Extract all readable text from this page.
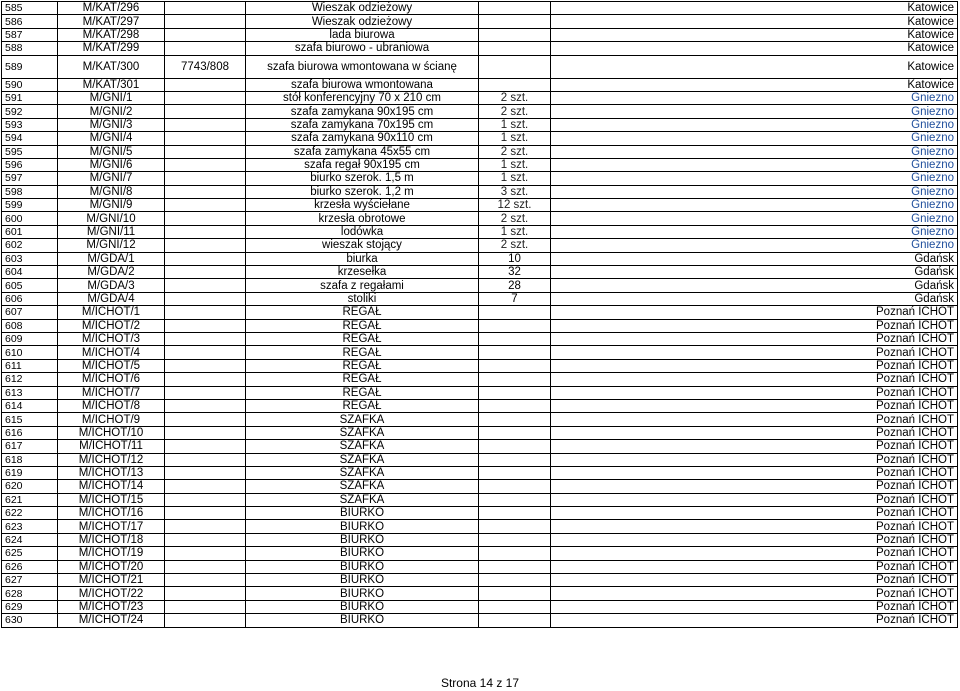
585	M/KAT/296		Wieszak odzieżowy		Katowice
586	M/KAT/297		Wieszak odzieżowy		Katowice
587	M/KAT/298		lada biurowa		Katowice
588	M/KAT/299		szafa biurowo - ubraniowa		Katowice
589	M/KAT/300	7743/808	szafa biurowa wmontowana w ścianę		Katowice
590	M/KAT/301		szafa biurowa wmontowana		Katowice
591	M/GNI/1		stół konferencyjny 70 x 210 cm	2 szt.	Gniezno
592	M/GNI/2		szafa zamykana 90x195 cm	2 szt.	Gniezno
593	M/GNI/3		szafa zamykana 70x195 cm	1 szt.	Gniezno
594	M/GNI/4		szafa zamykana 90x110 cm	1 szt.	Gniezno
595	M/GNI/5		szafa zamykana 45x55 cm	2 szt.	Gniezno
596	M/GNI/6		szafa regał 90x195 cm	1 szt.	Gniezno
597	M/GNI/7		biurko szerok. 1,5 m	1 szt.	Gniezno
598	M/GNI/8		biurko szerok. 1,2 m	3 szt.	Gniezno
599	M/GNI/9		krzesła wyściełane	12 szt.	Gniezno
600	M/GNI/10		krzesła obrotowe	2 szt.	Gniezno
601	M/GNI/11		lodówka	1 szt.	Gniezno
602	M/GNI/12		wieszak stojący	2 szt.	Gniezno
603	M/GDA/1		biurka	10	Gdańsk
604	M/GDA/2		krzesełka	32	Gdańsk
605	M/GDA/3		szafa z regałami	28	Gdańsk
606	M/GDA/4		stoliki	7	Gdańsk
607	M/ICHOT/1		REGAŁ		Poznań ICHOT
608	M/ICHOT/2		REGAŁ		Poznań ICHOT
609	M/ICHOT/3		REGAŁ		Poznań ICHOT
610	M/ICHOT/4		REGAŁ		Poznań ICHOT
611	M/ICHOT/5		REGAŁ		Poznań ICHOT
612	M/ICHOT/6		REGAŁ		Poznań ICHOT
613	M/ICHOT/7		REGAŁ		Poznań ICHOT
614	M/ICHOT/8		REGAŁ		Poznań ICHOT
615	M/ICHOT/9		SZAFKA		Poznań ICHOT
616	M/ICHOT/10		SZAFKA		Poznań ICHOT
617	M/ICHOT/11		SZAFKA		Poznań ICHOT
618	M/ICHOT/12		SZAFKA		Poznań ICHOT
619	M/ICHOT/13		SZAFKA		Poznań ICHOT
620	M/ICHOT/14		SZAFKA		Poznań ICHOT
621	M/ICHOT/15		SZAFKA		Poznań ICHOT
622	M/ICHOT/16		BIURKO		Poznań ICHOT
623	M/ICHOT/17		BIURKO		Poznań ICHOT
624	M/ICHOT/18		BIURKO		Poznań ICHOT
625	M/ICHOT/19		BIURKO		Poznań ICHOT
626	M/ICHOT/20		BIURKO		Poznań ICHOT
627	M/ICHOT/21		BIURKO		Poznań ICHOT
628	M/ICHOT/22		BIURKO		Poznań ICHOT
629	M/ICHOT/23		BIURKO		Poznań ICHOT
630	M/ICHOT/24		BIURKO		Poznań ICHOT
Strona 14 z 17
